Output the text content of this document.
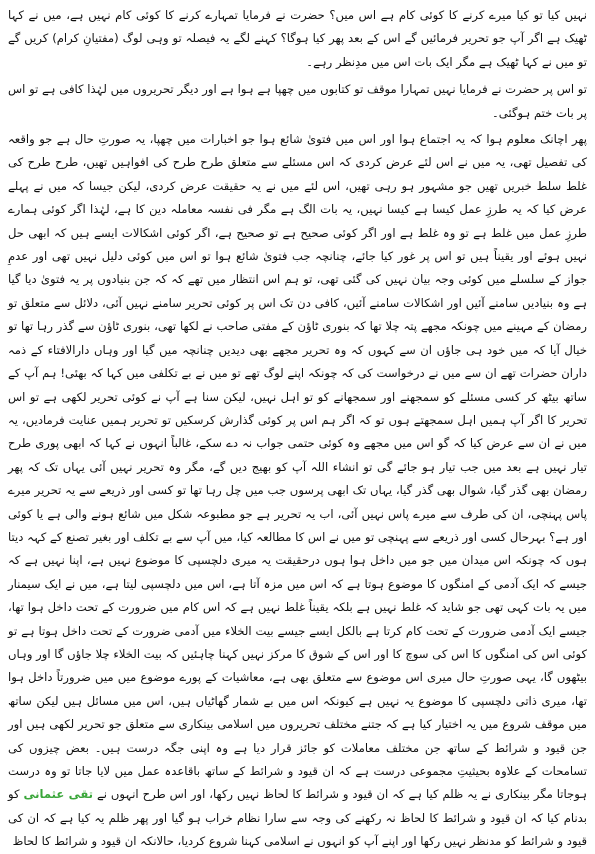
نہیں کیا تو کیا میرے کرنے کا کوئی کام ہے اس میں؟ حضرت نے فرمایا تمہارے کرنے کا کوئی کام نہیں ہے، میں نے کہا ٹھیک ہے اگر آپ جو تحریر فرمائیں گے اس کے بعد پھر کیا ہوگا؟ کہنے لگے یہ فیصلہ تو وہی لوگ (مفتیانِ کرام) کریں گے تو میں نے کہا ٹھیک ہے مگر ایک بات اس میں مدِنظر رہے۔

تو اس پر حضرت نے فرمایا نہیں تمہارا موقف تو کتابوں میں چھپا ہے ہوا ہے اور دیگر تحریروں میں لہٰذا کافی ہے تو اس پر بات ختم ہوگئی۔

پھر اچانک معلوم ہوا کہ یہ اجتماع ہوا اور اس میں فتویٰ شائع ہوا جو اخبارات میں چھپا، یہ صورتِ حال ہے جو واقعہ کی تفصیل تھی، یہ میں نے اس لئے عرض کردی کہ اس مسئلے سے متعلق طرح طرح کی افواہیں تھیں، طرح طرح کی غلط سلط خبریں تھیں جو مشہور ہو رہی تھیں، اس لئے میں نے یہ حقیقت عرض کردی، لیکن جیسا کہ میں نے پہلے عرض کیا کہ یہ طرزِ عمل کیسا ہے کیسا نہیں، یہ بات الگ ہے مگر فی نفسہ معاملہ دین کا ہے، لہٰذا اگر کوئی ہمارے طرزِ عمل میں غلط ہے تو وہ غلط ہے اور اگر کوئی صحیح ہے تو صحیح ہے، اگر کوئی اشکالات ایسے ہیں کہ ابھی حل نہیں ہوئے اور یقیناً ہیں تو اس پر غور کیا جائے، چنانچہ جب فتویٰ شائع ہوا تو اس میں کوئی دلیل نہیں تھی اور عدمِ جواز کے سلسلے میں کوئی وجہ بیان نہیں کی گئی تھی، تو ہم اس انتظار میں تھے کہ کہ جن بنیادوں پر یہ فتویٰ دیا گیا ہے وہ بنیادیں سامنے آئیں اور اشکالات سامنے آئیں، کافی دن تک اس پر کوئی تحریر سامنے نہیں آئی، دلائل سے متعلق تو رمضان کے مہینے میں چونکہ مجھے پتہ چلا تھا کہ بنوری ٹاؤن کے مفتی صاحب نے لکھا تھی، بنوری ٹاؤن سے گذر رہا تھا تو خیال آیا کہ میں خود ہی جاؤں ان سے کہوں کہ وہ تحریر مجھے بھی دیدیں چنانچہ میں گیا اور وہاں دارالافتاء کے ذمہ داران حضرات تھے ان سے میں نے درخواست کی کہ چونکہ اپنے لوگ تھے تو میں نے بے تکلفی میں کہا کہ بھئی! ہم آپ کے ساتھ بیٹھ کر کسی مسئلے کو سمجھنے اور سمجھانے کو تو اہل نہیں، لیکن سنا ہے آپ نے کوئی تحریر لکھی ہے تو اس تحریر کا اگر آپ ہمیں اہل سمجھتے ہوں تو کہ اگر ہم اس پر کوئی گذارش کرسکیں تو تحریر ہمیں عنایت فرمادیں، یہ میں نے ان سے عرض کیا کہ گو اس میں مجھے وہ کوئی حتمی جواب نہ دے سکے، غالباً انہوں نے کہا کہ ابھی پوری طرح تیار نہیں ہے بعد میں جب تیار ہو جائے گی تو انشاء اللہ آپ کو بھیج دیں گے، مگر وہ تحریر نہیں آئی یہاں تک کہ پھر رمضان بھی گذر گیا، شوال بھی گذر گیا، یہاں تک ابھی پرسوں جب میں چل رہا تھا تو کسی اور ذریعے سے یہ تحریر میرے پاس پہنچی، ان کی طرف سے میرے پاس نہیں آئی، اب یہ تحریر ہے جو مطبوعہ شکل میں شائع ہونے والی ہے یا کوئی اور ہے؟ بہرحال کسی اور ذریعے سے پہنچی تو میں نے اس کا مطالعہ کیا، میں آپ سے بے تکلف اور بغیر تصنع کے کہہ دیتا ہوں کہ چونکہ اس میدان میں جو میں داخل ہوا ہوں درحقیقت یہ میری دلچسپی کا موضوع نہیں ہے، اپنا نہیں ہے کہ جیسے کہ ایک آدمی کے امنگوں کا موضوع ہوتا ہے کہ اس میں مزہ آتا ہے، اس میں دلچسپی لیتا ہے، میں نے ایک سیمنار میں یہ بات کہی تھی جو شاید کہ غلط نہیں ہے بلکہ یقیناً غلط نہیں ہے کہ اس کام میں ضرورت کے تحت داخل ہوا تھا، جیسے ایک آدمی ضرورت کے تحت کام کرتا ہے بالکل ایسے جیسے بیت الخلاء میں آدمی ضرورت کے تحت داخل ہوتا ہے تو کوئی اس کی امنگوں کا اس کی سوچ کا اور اس کے شوق کا مرکز نہیں کہنا چاہئیں کہ بیت الخلاء چلا جاؤں گا اور وہاں بیٹھوں گا، یہی صورتِ حال میری اس موضوع سے متعلق بھی ہے، معاشیات کے پورے موضوع میں میں ضرورتاً داخل ہوا تھا، میری ذاتی دلچسپی کا موضوع یہ نہیں ہے کیونکہ اس میں بے شمار گھاٹیاں ہیں، اس میں مسائل ہیں لیکن ساتھ میں موقف شروع میں یہ اختیار کیا ہے کہ جتنے مختلف تحریروں میں اسلامی بینکاری سے متعلق جو تحریر لکھی ہیں اور جن قیود و شرائط کے ساتھ جن مختلف معاملات کو جائز قرار دیا ہے وہ اپنی جگہ درست ہیں۔ بعض چیزوں کی تسامحات کے علاوہ بحیثیتِ مجموعی درست ہے کہ ان قیود و شرائط کے ساتھ باقاعدہ عمل میں لایا جاتا تو وہ درست ہوجاتا مگر بینکاری نے یہ ظلم کیا ہے کہ ان قیود و شرائط کا لحاظ نہیں رکھا، اور اس طرح انہوں نے تقی عثمانی کو بدنام کیا کہ ان قیود و شرائط کا لحاظ نہ رکھنے کی وجہ سے سارا نظام خراب ہو گیا اور پھر ظلم یہ کیا ہے کہ ان کی قیود و شرائط کو مدنظر نہیں رکھا اور اپنے آپ کو انہوں نے اسلامی کہنا شروع کردیا، حالانکہ ان قیود و شرائط کا لحاظ
